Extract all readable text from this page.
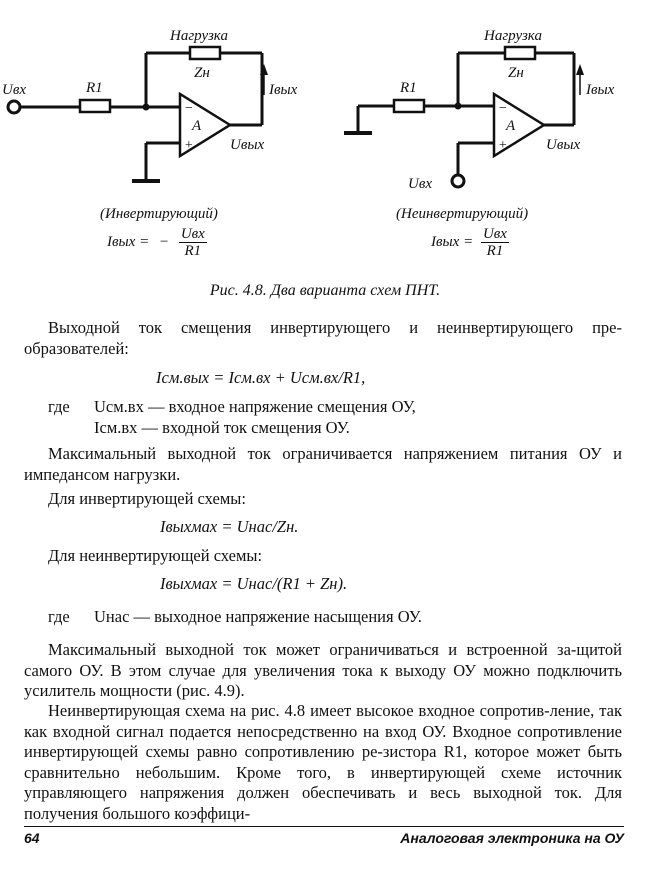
Нагрузка
Zн
Uвх	R1	Iвых
−
A
+ Uвых
Нагрузка
Zн
R1	Iвых
−
A
+	Uвых
Uвх
(Инвертирующий)	(Неинвертирующий)
Iвых = − $\frac{\text{Uвх}}{R1}$	Iвых = $\frac{\text{Uвх}}{R1}$
Рис. 4.8. Два варианта схем ПНТ.
Выходной ток смещения инвертирующего и неинвертирующего пре-образователей:
Iсм.вых = Iсм.вх + Uсм.вх/R1,
где Uсм.вх — входное напряжение смещения ОУ,
Iсм.вх — входной ток смещения ОУ.
Максимальный выходной ток ограничивается напряжением питания ОУ и импедансом нагрузки.
Для инвертирующей схемы:
Iвыхмах = Uнас/Zн.
Для неинвертирующей схемы:
Iвыхмах = Uнас/(R1 + Zн).
где Uнас — выходное напряжение насыщения ОУ.
Максимальный выходной ток может ограничиваться и встроенной за-щитой самого ОУ. В этом случае для увеличения тока к выходу ОУ можно подключить усилитель мощности (рис. 4.9).
Неинвертирующая схема на рис. 4.8 имеет высокое входное сопротив-ление, так как входной сигнал подается непосредственно на вход ОУ. Входное сопротивление инвертирующей схемы равно сопротивлению ре-зистора R1, которое может быть сравнительно небольшим. Кроме того, в инвертирующей схеме источник управляющего напряжения должен обеспечивать и весь выходной ток. Для получения большого коэффици-
64	Аналоговая электроника на ОУ
